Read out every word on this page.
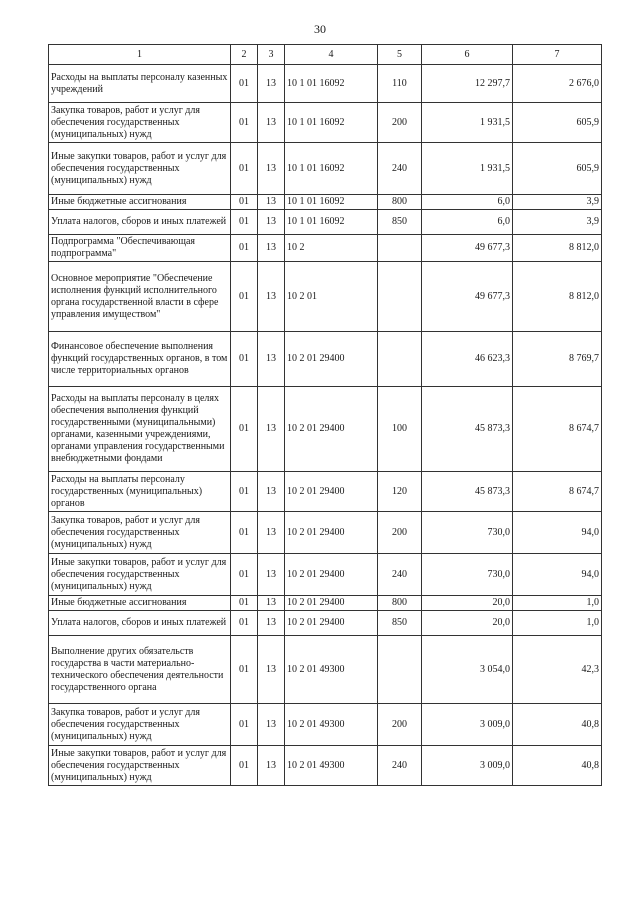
30
1	2	3	4	5	6	7
Расходы на выплаты персоналу казенных учреждений	01	13	10 1 01 16092	110	12 297,7	2 676,0
Закупка товаров, работ и услуг для обеспечения государственных (муниципальных) нужд	01	13	10 1 01 16092	200	1 931,5	605,9
Иные закупки товаров, работ и услуг для обеспечения государственных (муниципальных) нужд	01	13	10 1 01 16092	240	1 931,5	605,9
Иные бюджетные ассигнования	01	13	10 1 01 16092	800	6,0	3,9
Уплата налогов, сборов и иных платежей	01	13	10 1 01 16092	850	6,0	3,9
Подпрограмма "Обеспечивающая подпрограмма"	01	13	10 2		49 677,3	8 812,0
Основное мероприятие "Обеспечение исполнения функций исполнительного органа государственной власти в сфере управления имуществом"	01	13	10 2 01		49 677,3	8 812,0
Финансовое обеспечение выполнения функций государственных органов, в том числе территориальных органов	01	13	10 2 01 29400		46 623,3	8 769,7
Расходы на выплаты персоналу в целях обеспечения выполнения функций государственными (муниципальными) органами, казенными учреждениями, органами управления государственными внебюджетными фондами	01	13	10 2 01 29400	100	45 873,3	8 674,7
Расходы на выплаты персоналу государственных (муниципальных) органов	01	13	10 2 01 29400	120	45 873,3	8 674,7
Закупка товаров, работ и услуг для обеспечения государственных (муниципальных) нужд	01	13	10 2 01 29400	200	730,0	94,0
Иные закупки товаров, работ и услуг для обеспечения государственных (муниципальных) нужд	01	13	10 2 01 29400	240	730,0	94,0
Иные бюджетные ассигнования	01	13	10 2 01 29400	800	20,0	1,0
Уплата налогов, сборов и иных платежей	01	13	10 2 01 29400	850	20,0	1,0
Выполнение других обязательств государства в части материально-технического обеспечения деятельности государственного органа	01	13	10 2 01 49300		3 054,0	42,3
Закупка товаров, работ и услуг для обеспечения государственных (муниципальных) нужд	01	13	10 2 01 49300	200	3 009,0	40,8
Иные закупки товаров, работ и услуг для обеспечения государственных (муниципальных) нужд	01	13	10 2 01 49300	240	3 009,0	40,8
